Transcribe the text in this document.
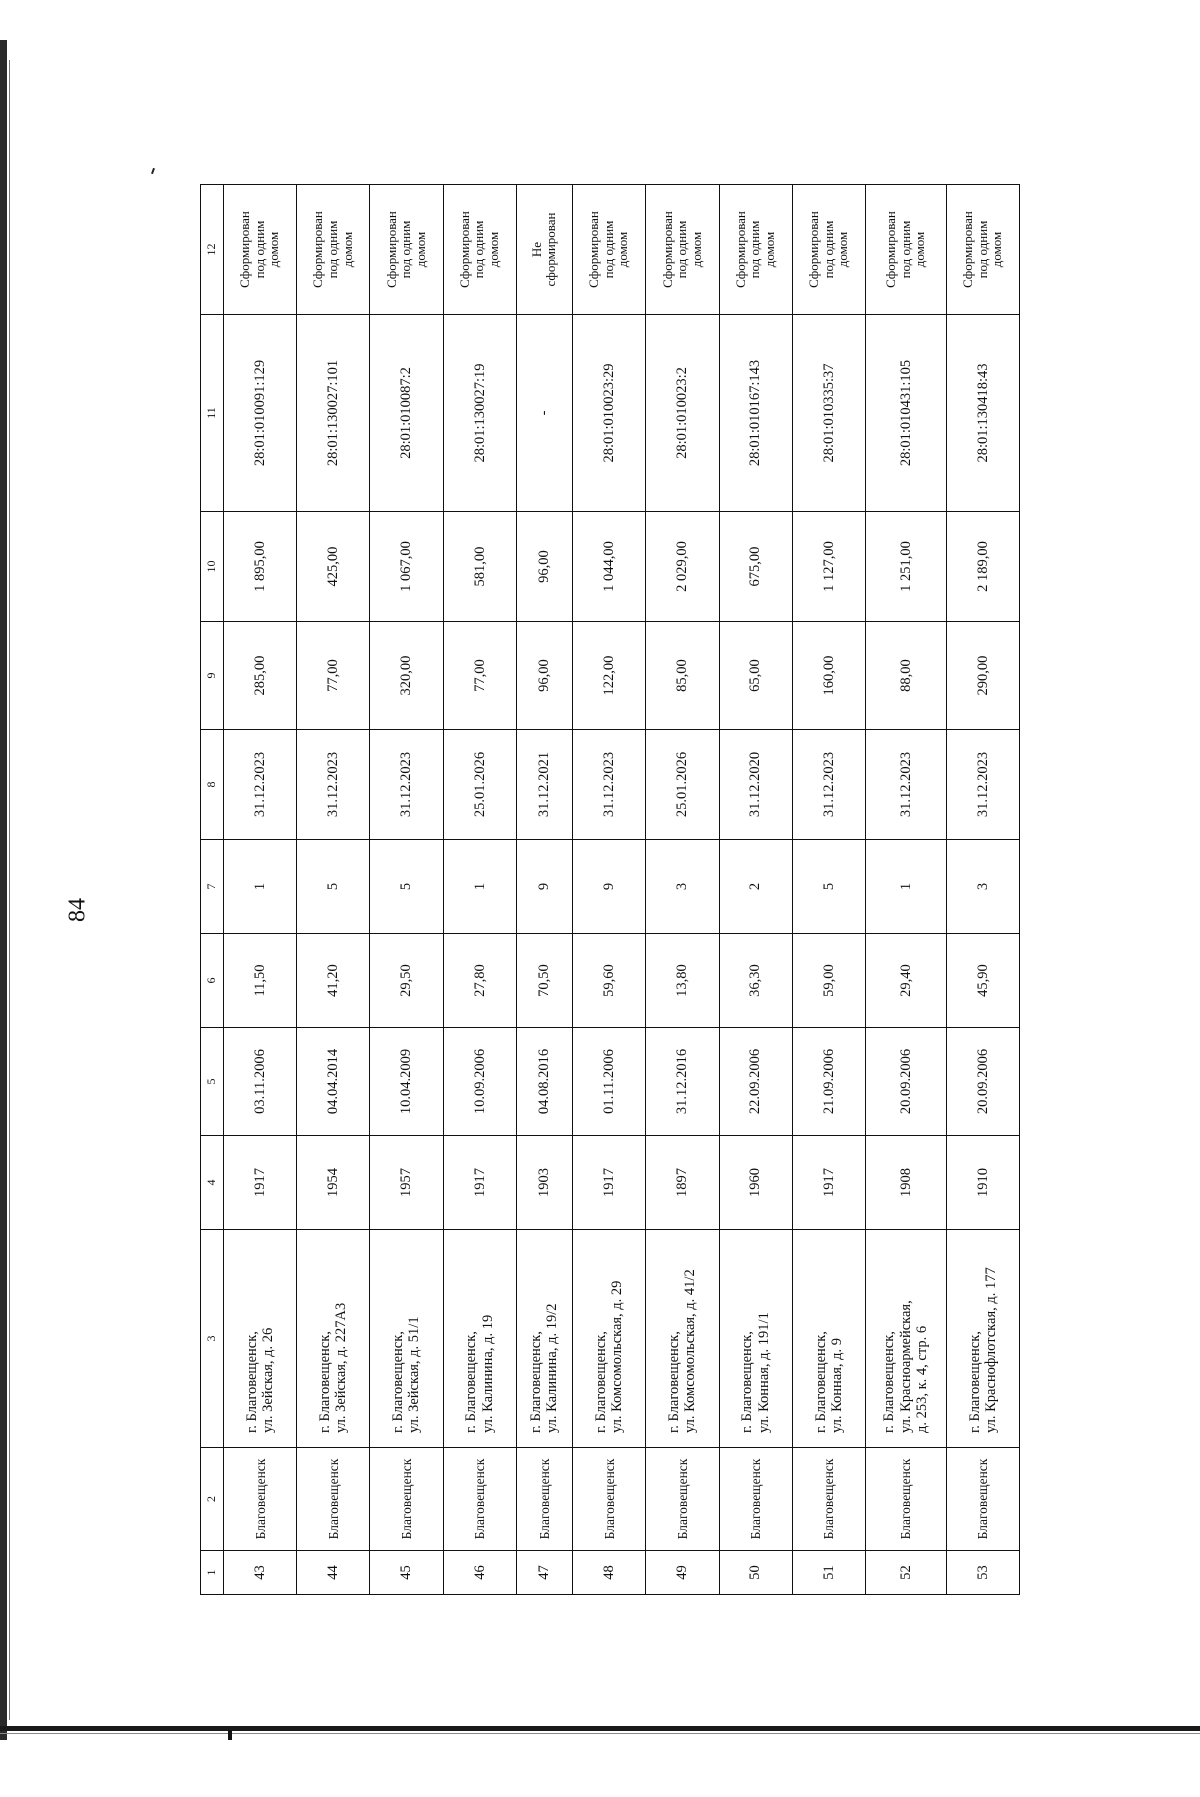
84
1	2	3	4	5	6	7	8	9	10	11	12
43	Благовещенск	г. Благовещенск,
ул. Зейская, д. 26	1917	03.11.2006	11,50	1	31.12.2023	285,00	1 895,00	28:01:010091:129	Сформирован
под одним
домом
44	Благовещенск	г. Благовещенск,
ул. Зейская, д. 227А3	1954	04.04.2014	41,20	5	31.12.2023	77,00	425,00	28:01:130027:101	Сформирован
под одним
домом
45	Благовещенск	г. Благовещенск,
ул. Зейская, д. 51/1	1957	10.04.2009	29,50	5	31.12.2023	320,00	1 067,00	28:01:010087:2	Сформирован
под одним
домом
46	Благовещенск	г. Благовещенск,
ул. Калинина, д. 19	1917	10.09.2006	27,80	1	25.01.2026	77,00	581,00	28:01:130027:19	Сформирован
под одним
домом
47	Благовещенск	г. Благовещенск,
ул. Калинина, д. 19/2	1903	04.08.2016	70,50	9	31.12.2021	96,00	96,00	-	Не
сформирован
48	Благовещенск	г. Благовещенск,
ул. Комсомольская, д. 29	1917	01.11.2006	59,60	9	31.12.2023	122,00	1 044,00	28:01:010023:29	Сформирован
под одним
домом
49	Благовещенск	г. Благовещенск,
ул. Комсомольская, д. 41/2	1897	31.12.2016	13,80	3	25.01.2026	85,00	2 029,00	28:01:010023:2	Сформирован
под одним
домом
50	Благовещенск	г. Благовещенск,
ул. Конная, д. 191/1	1960	22.09.2006	36,30	2	31.12.2020	65,00	675,00	28:01:010167:143	Сформирован
под одним
домом
51	Благовещенск	г. Благовещенск,
ул. Конная, д. 9	1917	21.09.2006	59,00	5	31.12.2023	160,00	1 127,00	28:01:010335:37	Сформирован
под одним
домом
52	Благовещенск	г. Благовещенск,
ул. Красноармейская,
д. 253, к. 4, стр. 6	1908	20.09.2006	29,40	1	31.12.2023	88,00	1 251,00	28:01:010431:105	Сформирован
под одним
домом
53	Благовещенск	г. Благовещенск,
ул. Краснофлотская, д. 177	1910	20.09.2006	45,90	3	31.12.2023	290,00	2 189,00	28:01:130418:43	Сформирован
под одним
домом
